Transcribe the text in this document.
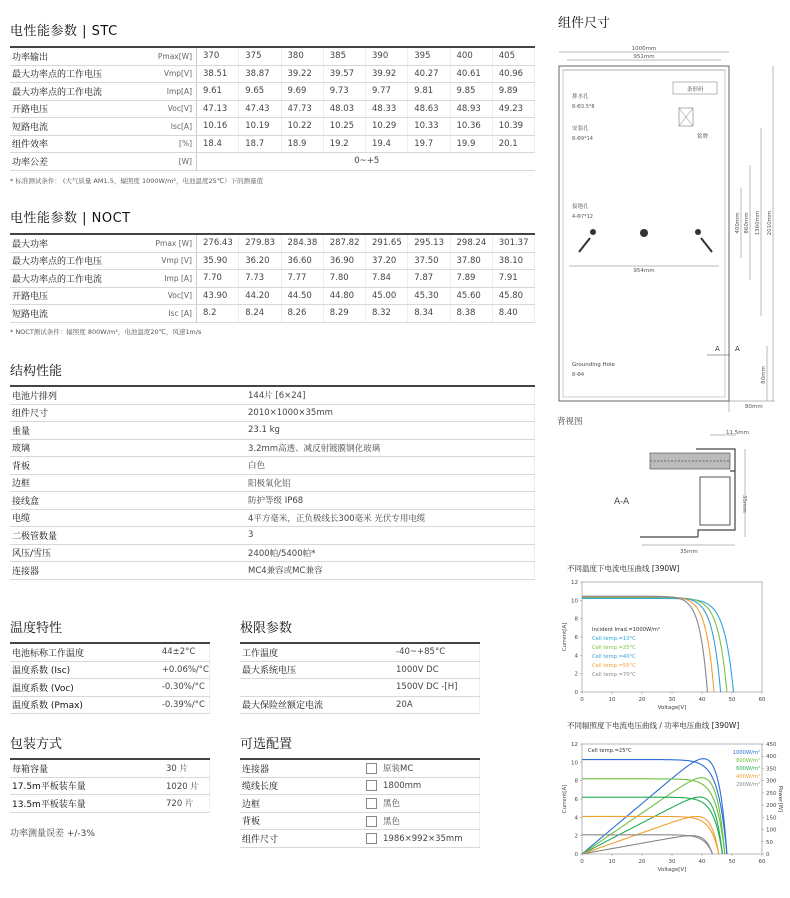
电性能参数 | STC
功率输出	Pmax[W]	370	375	380	385	390	395	400	405
最大功率点的工作电压	Vmp[V]	38.51	38.87	39.22	39.57	39.92	40.27	40.61	40.96
最大功率点的工作电流	Imp[A]	9.61	9.65	9.69	9.73	9.77	9.81	9.85	9.89
开路电压	Voc[V]	47.13	47.43	47.73	48.03	48.33	48.63	48.93	49.23
短路电流	Isc[A]	10.16	10.19	10.22	10.25	10.29	10.33	10.36	10.39
组件效率	[%]	18.4	18.7	18.9	19.2	19.4	19.7	19.9	20.1
功率公差	[W]	0~+5							
* 标准测试条件： (大气质量 AM1.5，辐照度 1000W/m²，电池温度25℃）下的测量值
电性能参数 | NOCT
最大功率	Pmax [W]	276.43	279.83	284.38	287.82	291.65	295.13	298.24	301.37
最大功率点的工作电压	Vmp [V]	35.90	36.20	36.60	36.90	37.20	37.50	37.80	38.10
最大功率点的工作电流	Imp [A]	7.70	7.73	7.77	7.80	7.84	7.87	7.89	7.91
开路电压	Voc[V]	43.90	44.20	44.50	44.80	45.00	45.30	45.60	45.80
短路电流	Isc [A]	8.2	8.24	8.26	8.29	8.32	8.34	8.38	8.40
* NOCT测试条件：辐照度 800W/m²，电池温度20℃，风速1m/s
结构性能
电池片排列	144片 [6×24]
组件尺寸	2010×1000×35mm
重量	23.1 kg
玻璃	3.2mm高透、减反射镀膜钢化玻璃
背板	白色
边框	阳极氧化铝
接线盒	防护等级 IP68
电缆	4平方毫米，正负极线长300毫米 光伏专用电缆
二极管数量	3
风压/雪压	2400帕/5400帕*
连接器	MC4兼容或MC兼容
温度特性
电池标称工作温度	44±2°C
温度系数 (Isc)	+0.06%/°C
温度系数 (Voc)	-0.30%/°C
温度系数 (Pmax)	-0.39%/°C
极限参数
工作温度	-40~+85°C
最大系统电压	1000V DC
	1500V DC -[H]
最大保险丝额定电流	20A
包装方式
每箱容量	30 片
17.5m平板装车量	1020 片
13.5m平板装车量	720 片
功率测量误差 +/-3%
可选配置
连接器	原装MC
缆线长度	1800mm
边框	黑色
背板	黑色
组件尺寸	1986×992×35mm
组件尺寸
1000mm
951mm
排水孔
8-Φ3.5*8
安装孔
8-Φ9*14
条形码
铭牌
接地孔
4-Φ7*12
954mm
400mm 860mm 1360mm 2010mm
A A
Grounding Hole
8-Φ4	80mm
80mm
背视图
A-A
11.5mm
35mm
35mm
不同温度下电流电压曲线 [390W]
0	10	20	30	40	50	60
0
2
4
6
8
10
12
Voltage[V]
Current[A]	Cell temp.=10°C
Cell temp.=25°C
Cell temp.=40°C
Cell temp.=55°C
Cell temp.=70°C
Incident Irrad.=1000W/m²
不同辐照度下电流电压曲线 / 功率电压曲线 [390W]
0	10	20	30	40	50	60
0
2
4
6
8
10
12
Voltage[V]
Current[A]
0
50
100
150
200
250
300
350
400
450
Power[W]
1000W/m²
800W/m²
600W/m²
400W/m²
200W/m²
Cell temp.=25°C
